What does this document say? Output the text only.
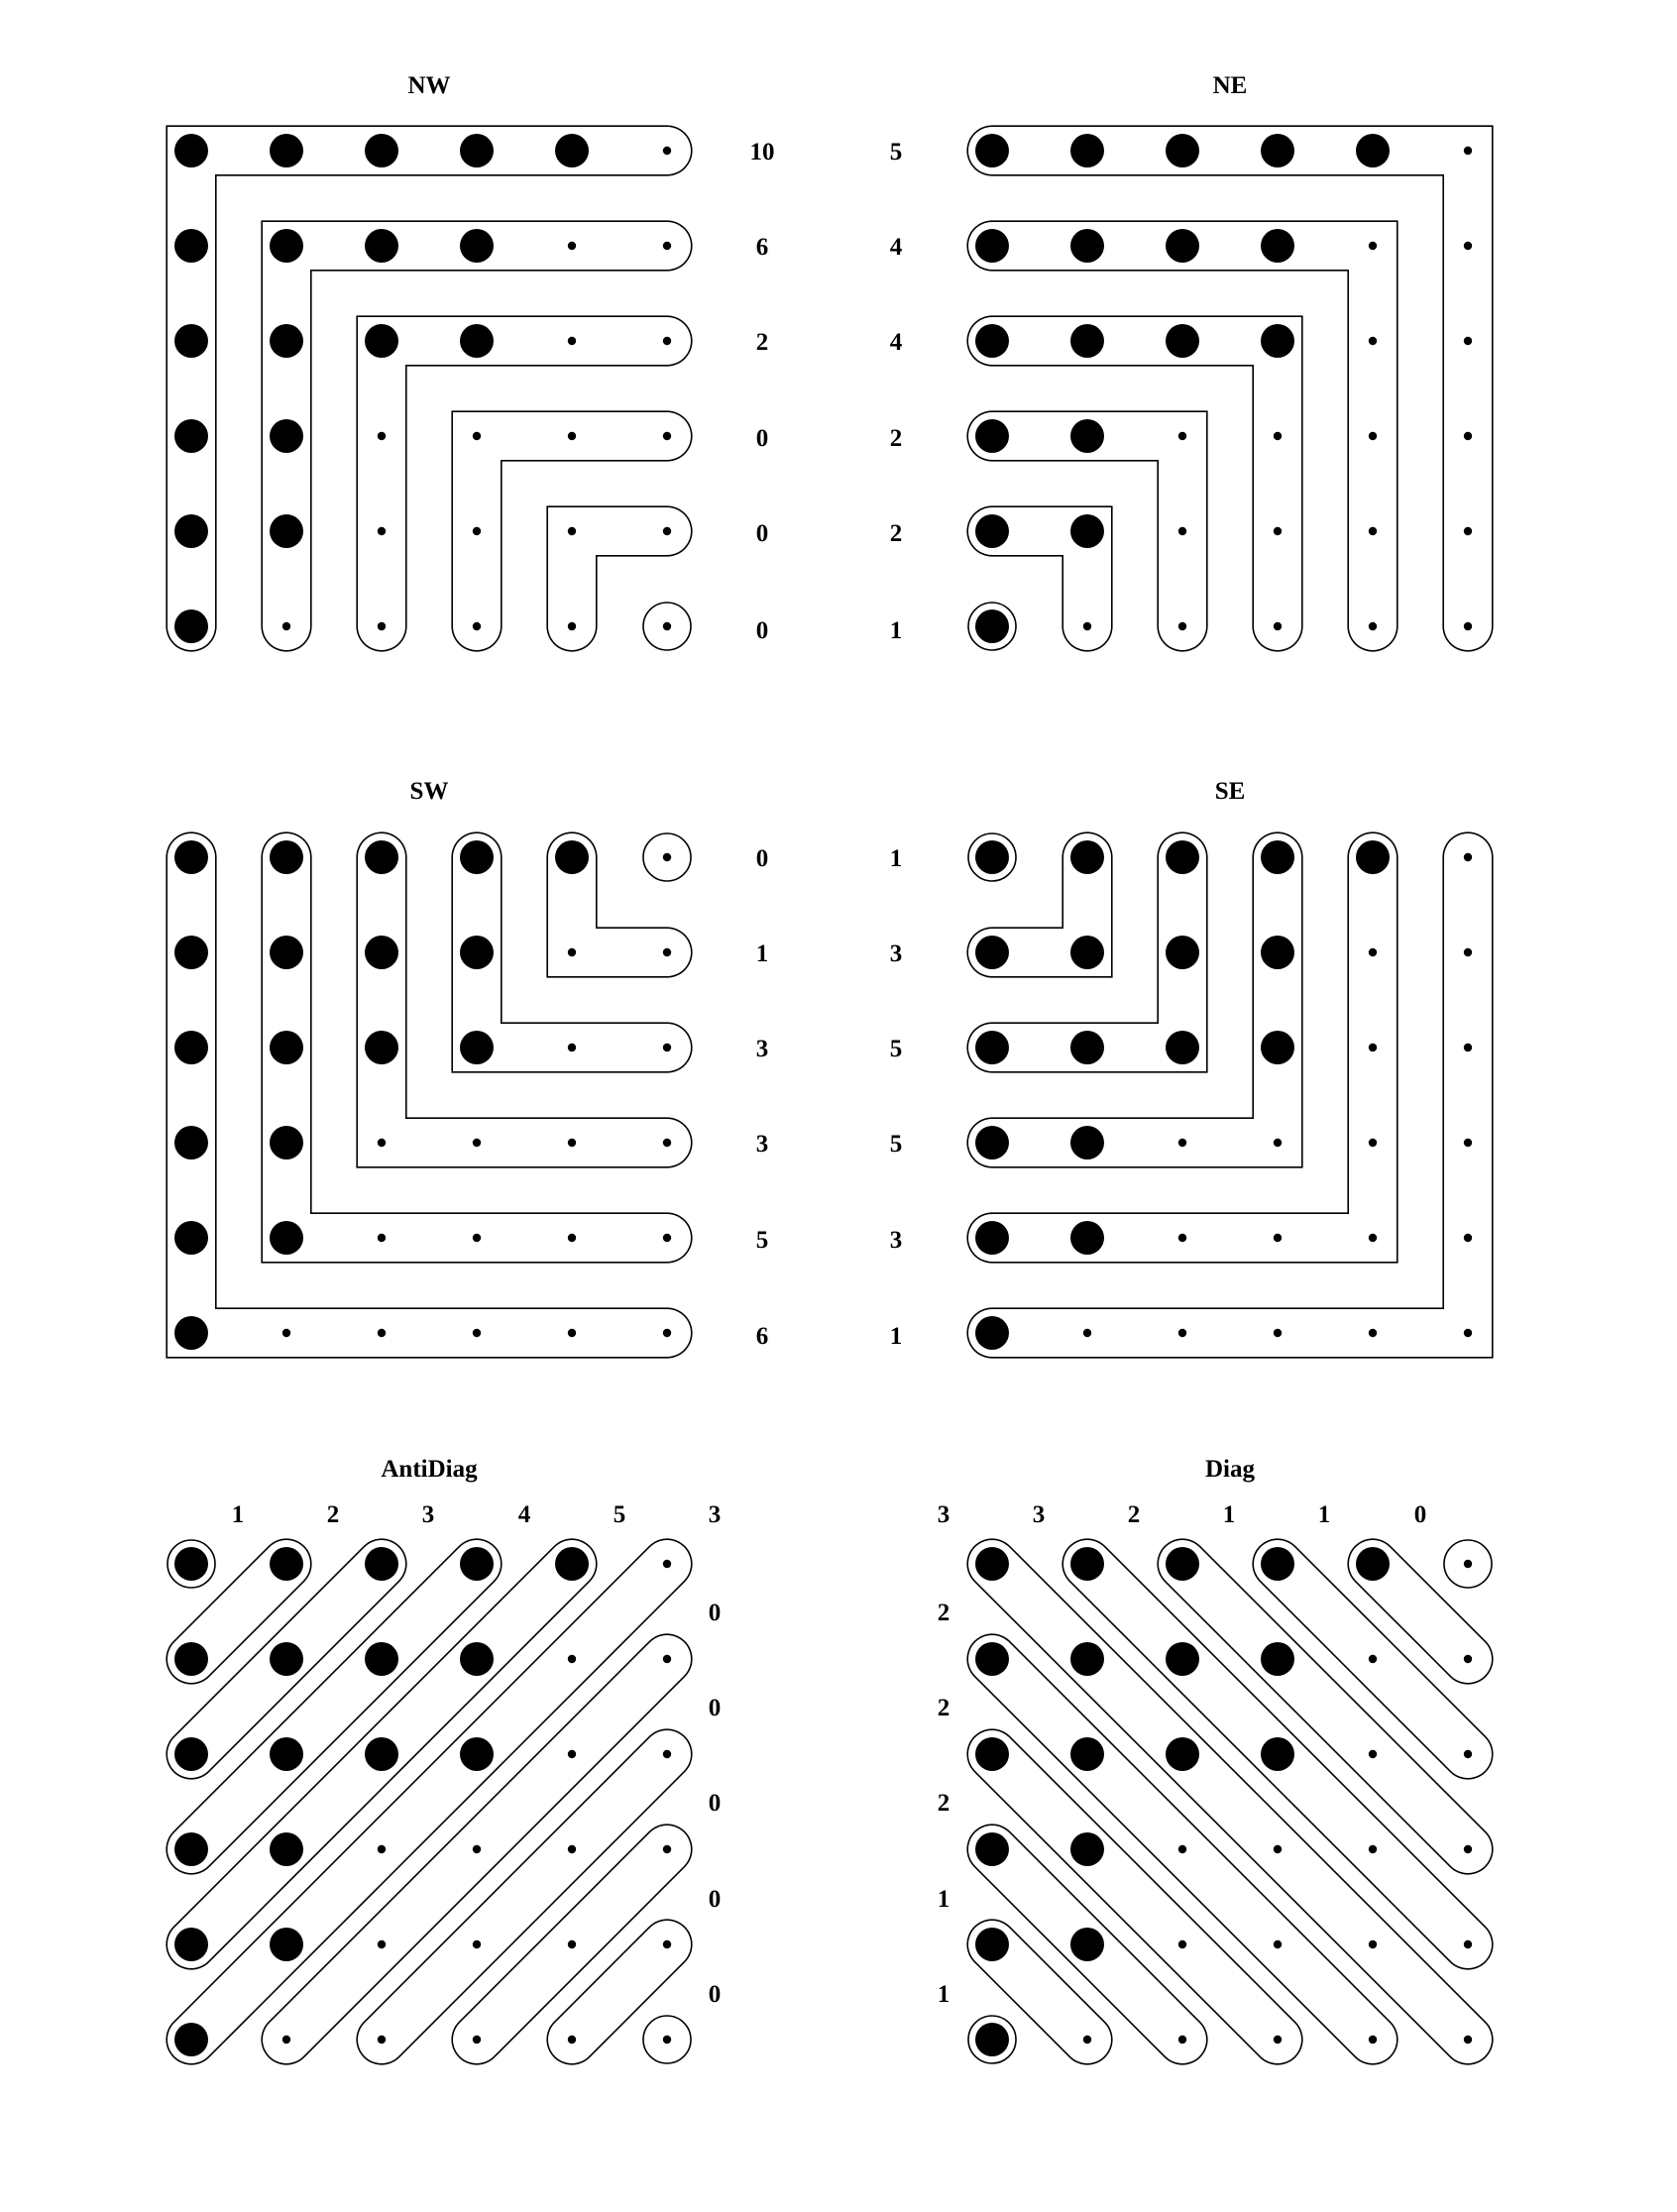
NW
10
6
2
0
0
0
NE
5
4
4
2
2
1
SW
0
1
3
3
5
6
SE
1
3
5
5
3
1
AntiDiag
1	2	3	4	5	3
0
0
0
0
0
Diag
3	3	2	1	1	0
2
2
2
1
1
